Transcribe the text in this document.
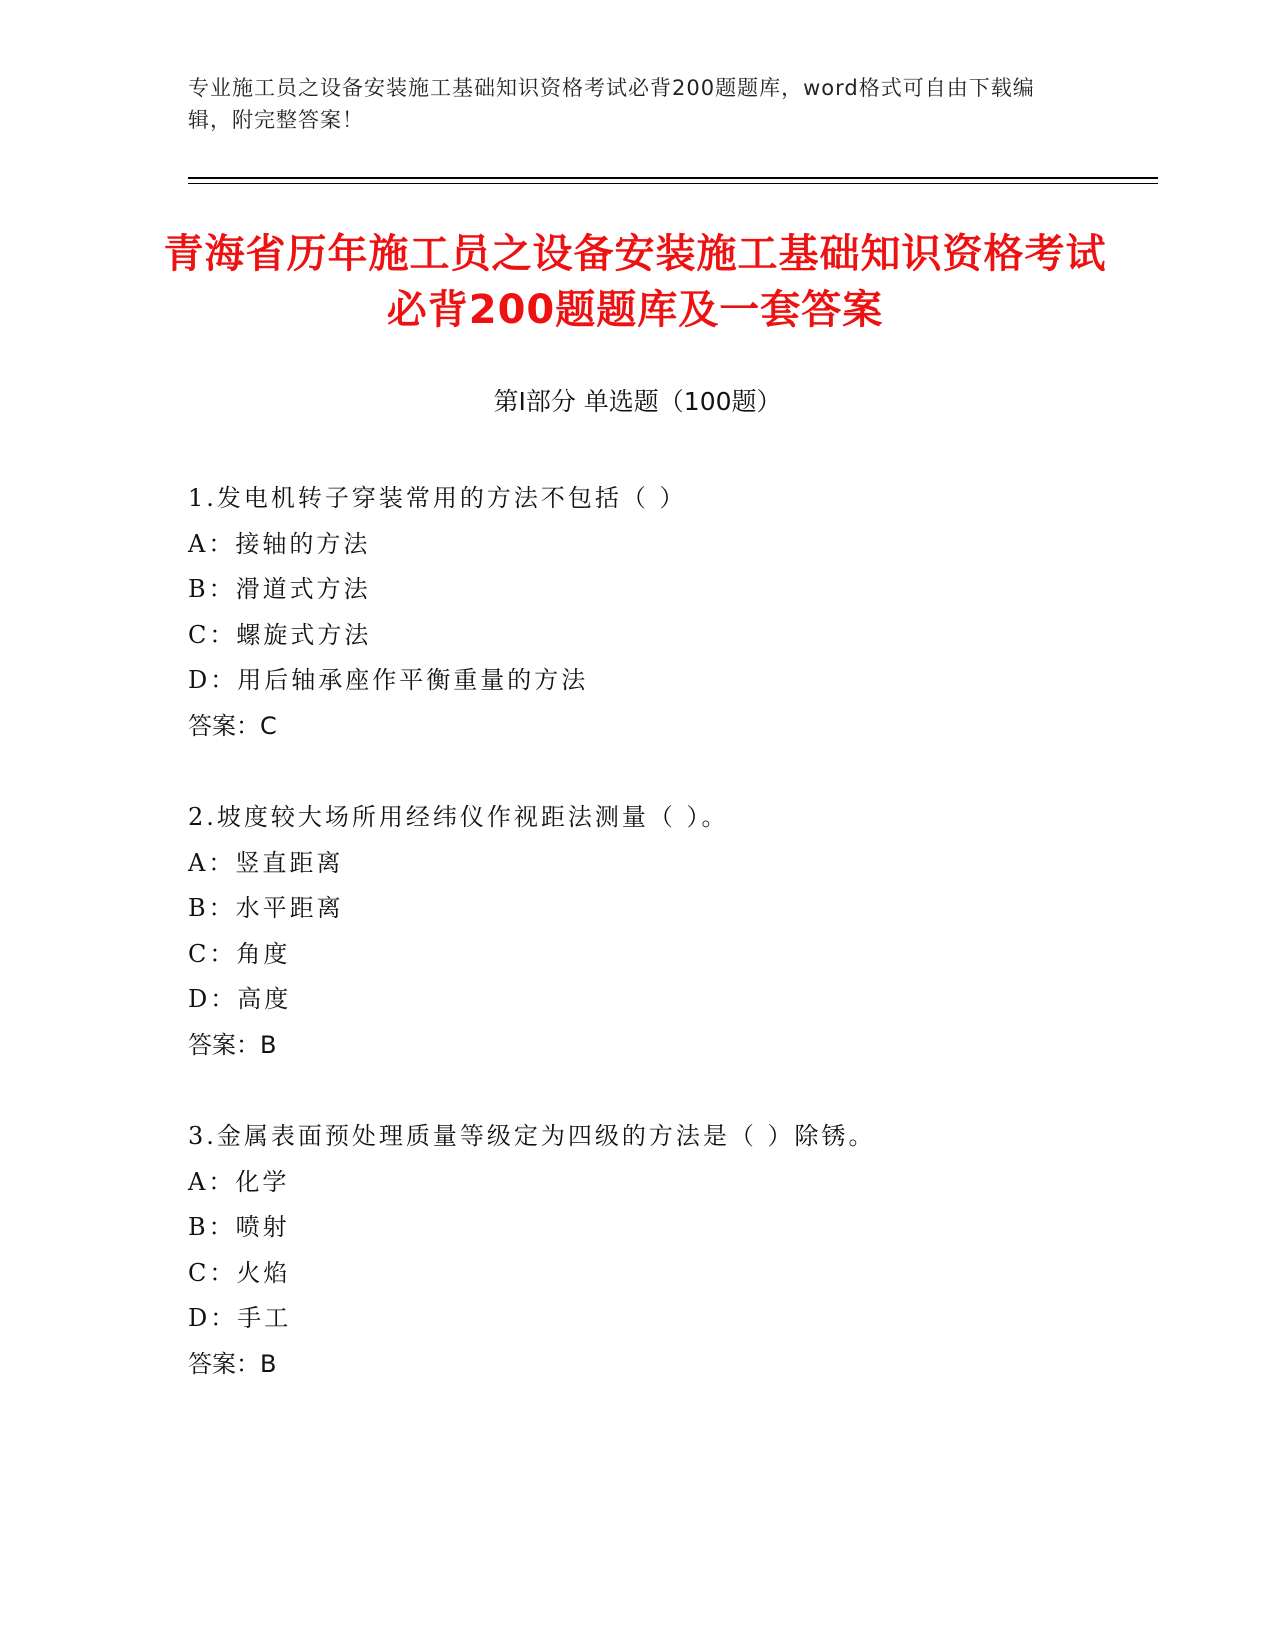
专业施工员之设备安装施工基础知识资格考试必背200题题库，word格式可自由下载编辑，附完整答案！
青海省历年施工员之设备安装施工基础知识资格考试必背200题题库及一套答案
第Ⅰ部分 单选题（100题）
1.发电机转子穿装常用的方法不包括（ ）
A：接轴的方法
B：滑道式方法
C：螺旋式方法
D：用后轴承座作平衡重量的方法
答案：C
2.坡度较大场所用经纬仪作视距法测量（ ）。
A：竖直距离
B：水平距离
C：角度
D：高度
答案：B
3.金属表面预处理质量等级定为四级的方法是（ ）除锈。
A：化学
B：喷射
C：火焰
D：手工
答案：B
